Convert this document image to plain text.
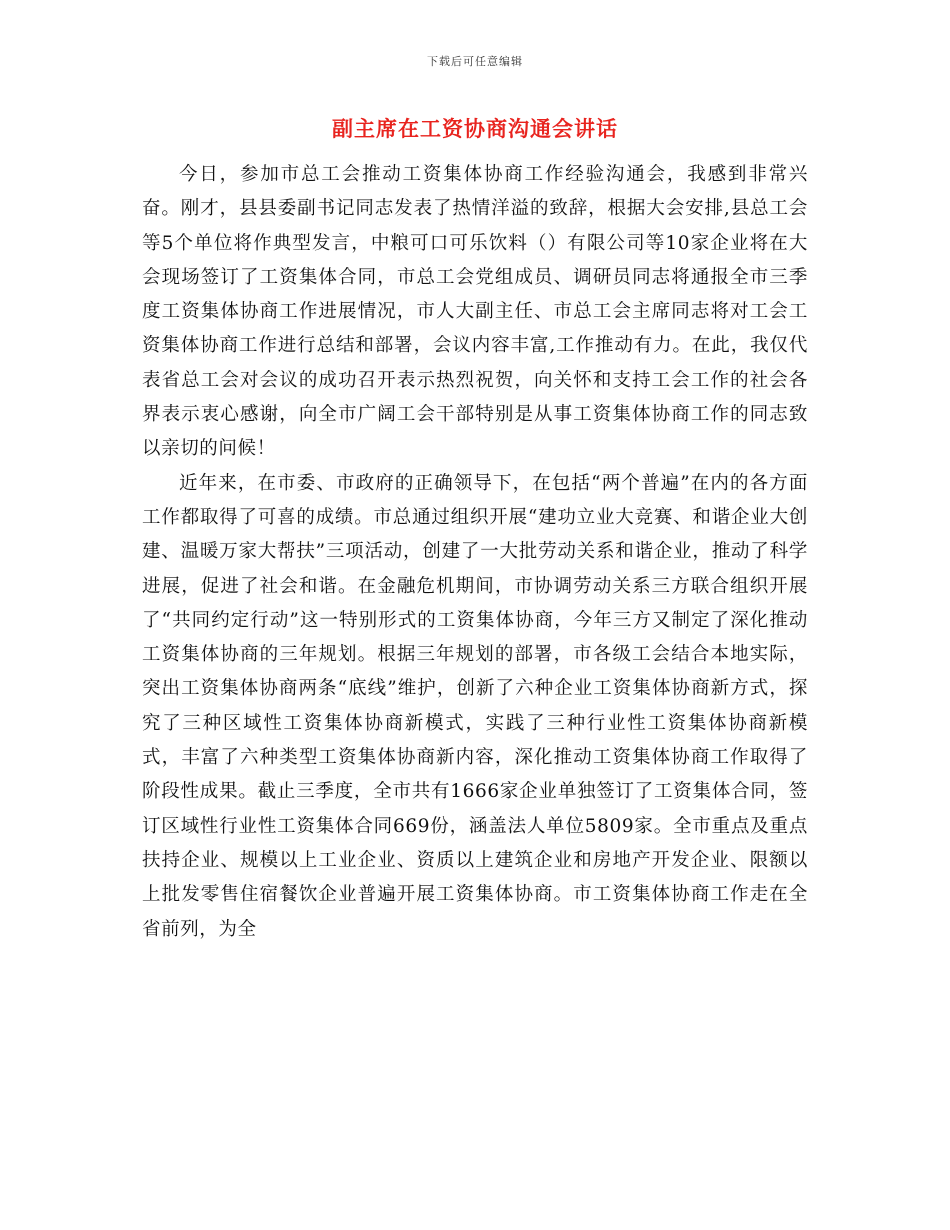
下载后可任意编辑
副主席在工资协商沟通会讲话

今日，参加市总工会推动工资集体协商工作经验沟通会，我感到非常兴奋。刚才，县县委副书记同志发表了热情洋溢的致辞，根据大会安排,县总工会等5个单位将作典型发言，中粮可口可乐饮料（）有限公司等10家企业将在大会现场签订了工资集体合同，市总工会党组成员、调研员同志将通报全市三季度工资集体协商工作进展情况，市人大副主任、市总工会主席同志将对工会工资集体协商工作进行总结和部署，会议内容丰富,工作推动有力。在此，我仅代表省总工会对会议的成功召开表示热烈祝贺，向关怀和支持工会工作的社会各界表示衷心感谢，向全市广阔工会干部特别是从事工资集体协商工作的同志致以亲切的问候！

近年来，在市委、市政府的正确领导下，在包括“两个普遍”在内的各方面工作都取得了可喜的成绩。市总通过组织开展“建功立业大竞赛、和谐企业大创建、温暖万家大帮扶”三项活动，创建了一大批劳动关系和谐企业，推动了科学进展，促进了社会和谐。在金融危机期间，市协调劳动关系三方联合组织开展了“共同约定行动”这一特别形式的工资集体协商，今年三方又制定了深化推动工资集体协商的三年规划。根据三年规划的部署，市各级工会结合本地实际，突出工资集体协商两条“底线”维护，创新了六种企业工资集体协商新方式，探究了三种区域性工资集体协商新模式，实践了三种行业性工资集体协商新模式，丰富了六种类型工资集体协商新内容，深化推动工资集体协商工作取得了阶段性成果。截止三季度，全市共有1666家企业单独签订了工资集体合同，签订区域性行业性工资集体合同669份，涵盖法人单位5809家。全市重点及重点扶持企业、规模以上工业企业、资质以上建筑企业和房地产开发企业、限额以上批发零售住宿餐饮企业普遍开展工资集体协商。市工资集体协商工作走在全省前列，为全
